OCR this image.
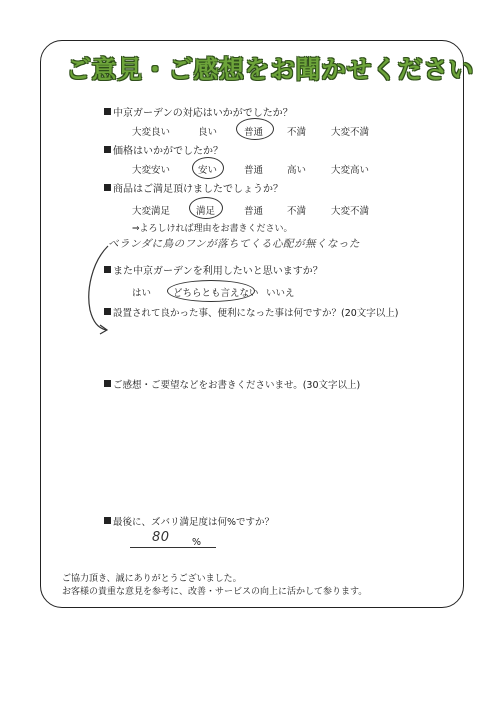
ご意見・ご感想をお聞かせください
中京ガーデンの対応はいかがでしたか？
大変良い	良い	普通	不満	大変不満
価格はいかがでしたか？
大変安い	安い	普通	高い	大変高い
商品はご満足頂けましたでしょうか？
大変満足	満足	普通	不満	大変不満
⇒よろしければ理由をお書きください。
ベランダに鳥のフンが落ちてくる心配が無くなった
また中京ガーデンを利用したいと思いますか？
はい どちらとも言えない いいえ
設置されて良かった事、便利になった事は何ですか？(20文字以上)
ご感想・ご要望などをお書きくださいませ。(30文字以上)
最後に、ズバリ満足度は何%ですか？
80 %
ご協力頂き、誠にありがとうございました。
お客様の貴重な意見を参考に、改善・サービスの向上に活かして参ります。
